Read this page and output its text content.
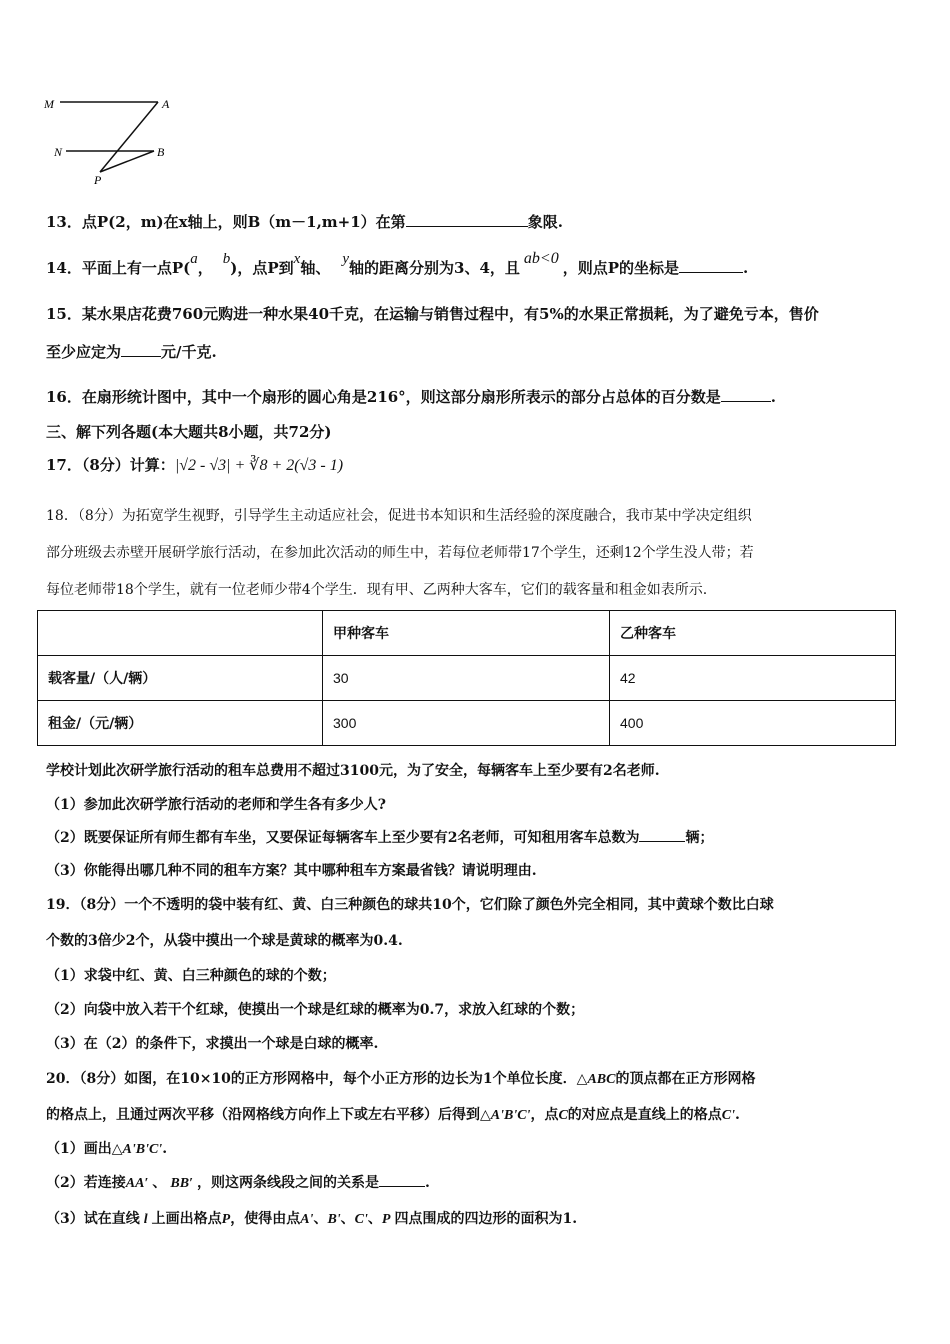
M	A
N	B
P
13．点P(2，m)在x轴上，则B（m－1,m+1）在第	象限.
14．平面上有一点P(a， b)，点P到x轴、 y轴的距离分别为3、4，且ab<0，则点P的坐标是	.
15．某水果店花费760元购进一种水果40千克，在运输与销售过程中，有5%的水果正常损耗，为了避免亏本，售价
至少应定为	元/千克.
16．在扇形统计图中，其中一个扇形的圆心角是216°，则这部分扇形所表示的部分占总体的百分数是	.
三、解下列各题(本大题共8小题，共72分)
17．（8分）计算：|√2 - √3| + ∛8 + 2(√3 - 1)
18．（8分）为拓宽学生视野，引导学生主动适应社会，促进书本知识和生活经验的深度融合，我市某中学决定组织
部分班级去赤壁开展研学旅行活动，在参加此次活动的师生中，若每位老师带17个学生，还剩12个学生没人带；若
每位老师带18个学生，就有一位老师少带4个学生．现有甲、乙两种大客车，它们的载客量和租金如表所示.
	甲种客车	乙种客车
载客量/（人/辆）	30	42
租金/（元/辆）	300	400
学校计划此次研学旅行活动的租车总费用不超过3100元，为了安全，每辆客车上至少要有2名老师.
（1）参加此次研学旅行活动的老师和学生各有多少人?
（2）既要保证所有师生都有车坐，又要保证每辆客车上至少要有2名老师，可知租用客车总数为	辆；
（3）你能得出哪几种不同的租车方案？其中哪种租车方案最省钱？请说明理由.
19．（8分）一个不透明的袋中装有红、黄、白三种颜色的球共10个，它们除了颜色外完全相同，其中黄球个数比白球
个数的3倍少2个，从袋中摸出一个球是黄球的概率为0.4.
（1）求袋中红、黄、白三种颜色的球的个数；
（2）向袋中放入若干个红球，使摸出一个球是红球的概率为0.7，求放入红球的个数；
（3）在（2）的条件下，求摸出一个球是白球的概率.
20．（8分）如图，在10×10的正方形网格中，每个小正方形的边长为1个单位长度．△ABC的顶点都在正方形网格
的格点上，且通过两次平移（沿网格线方向作上下或左右平移）后得到△A'B'C'，点C的对应点是直线上的格点C'.
（1）画出△A'B'C'.
（2）若连接AA′ 、 BB′ ，则这两条线段之间的关系是	.
（3）试在直线 l 上画出格点P，使得由点A'、B'、C'、P 四点围成的四边形的面积为1.
